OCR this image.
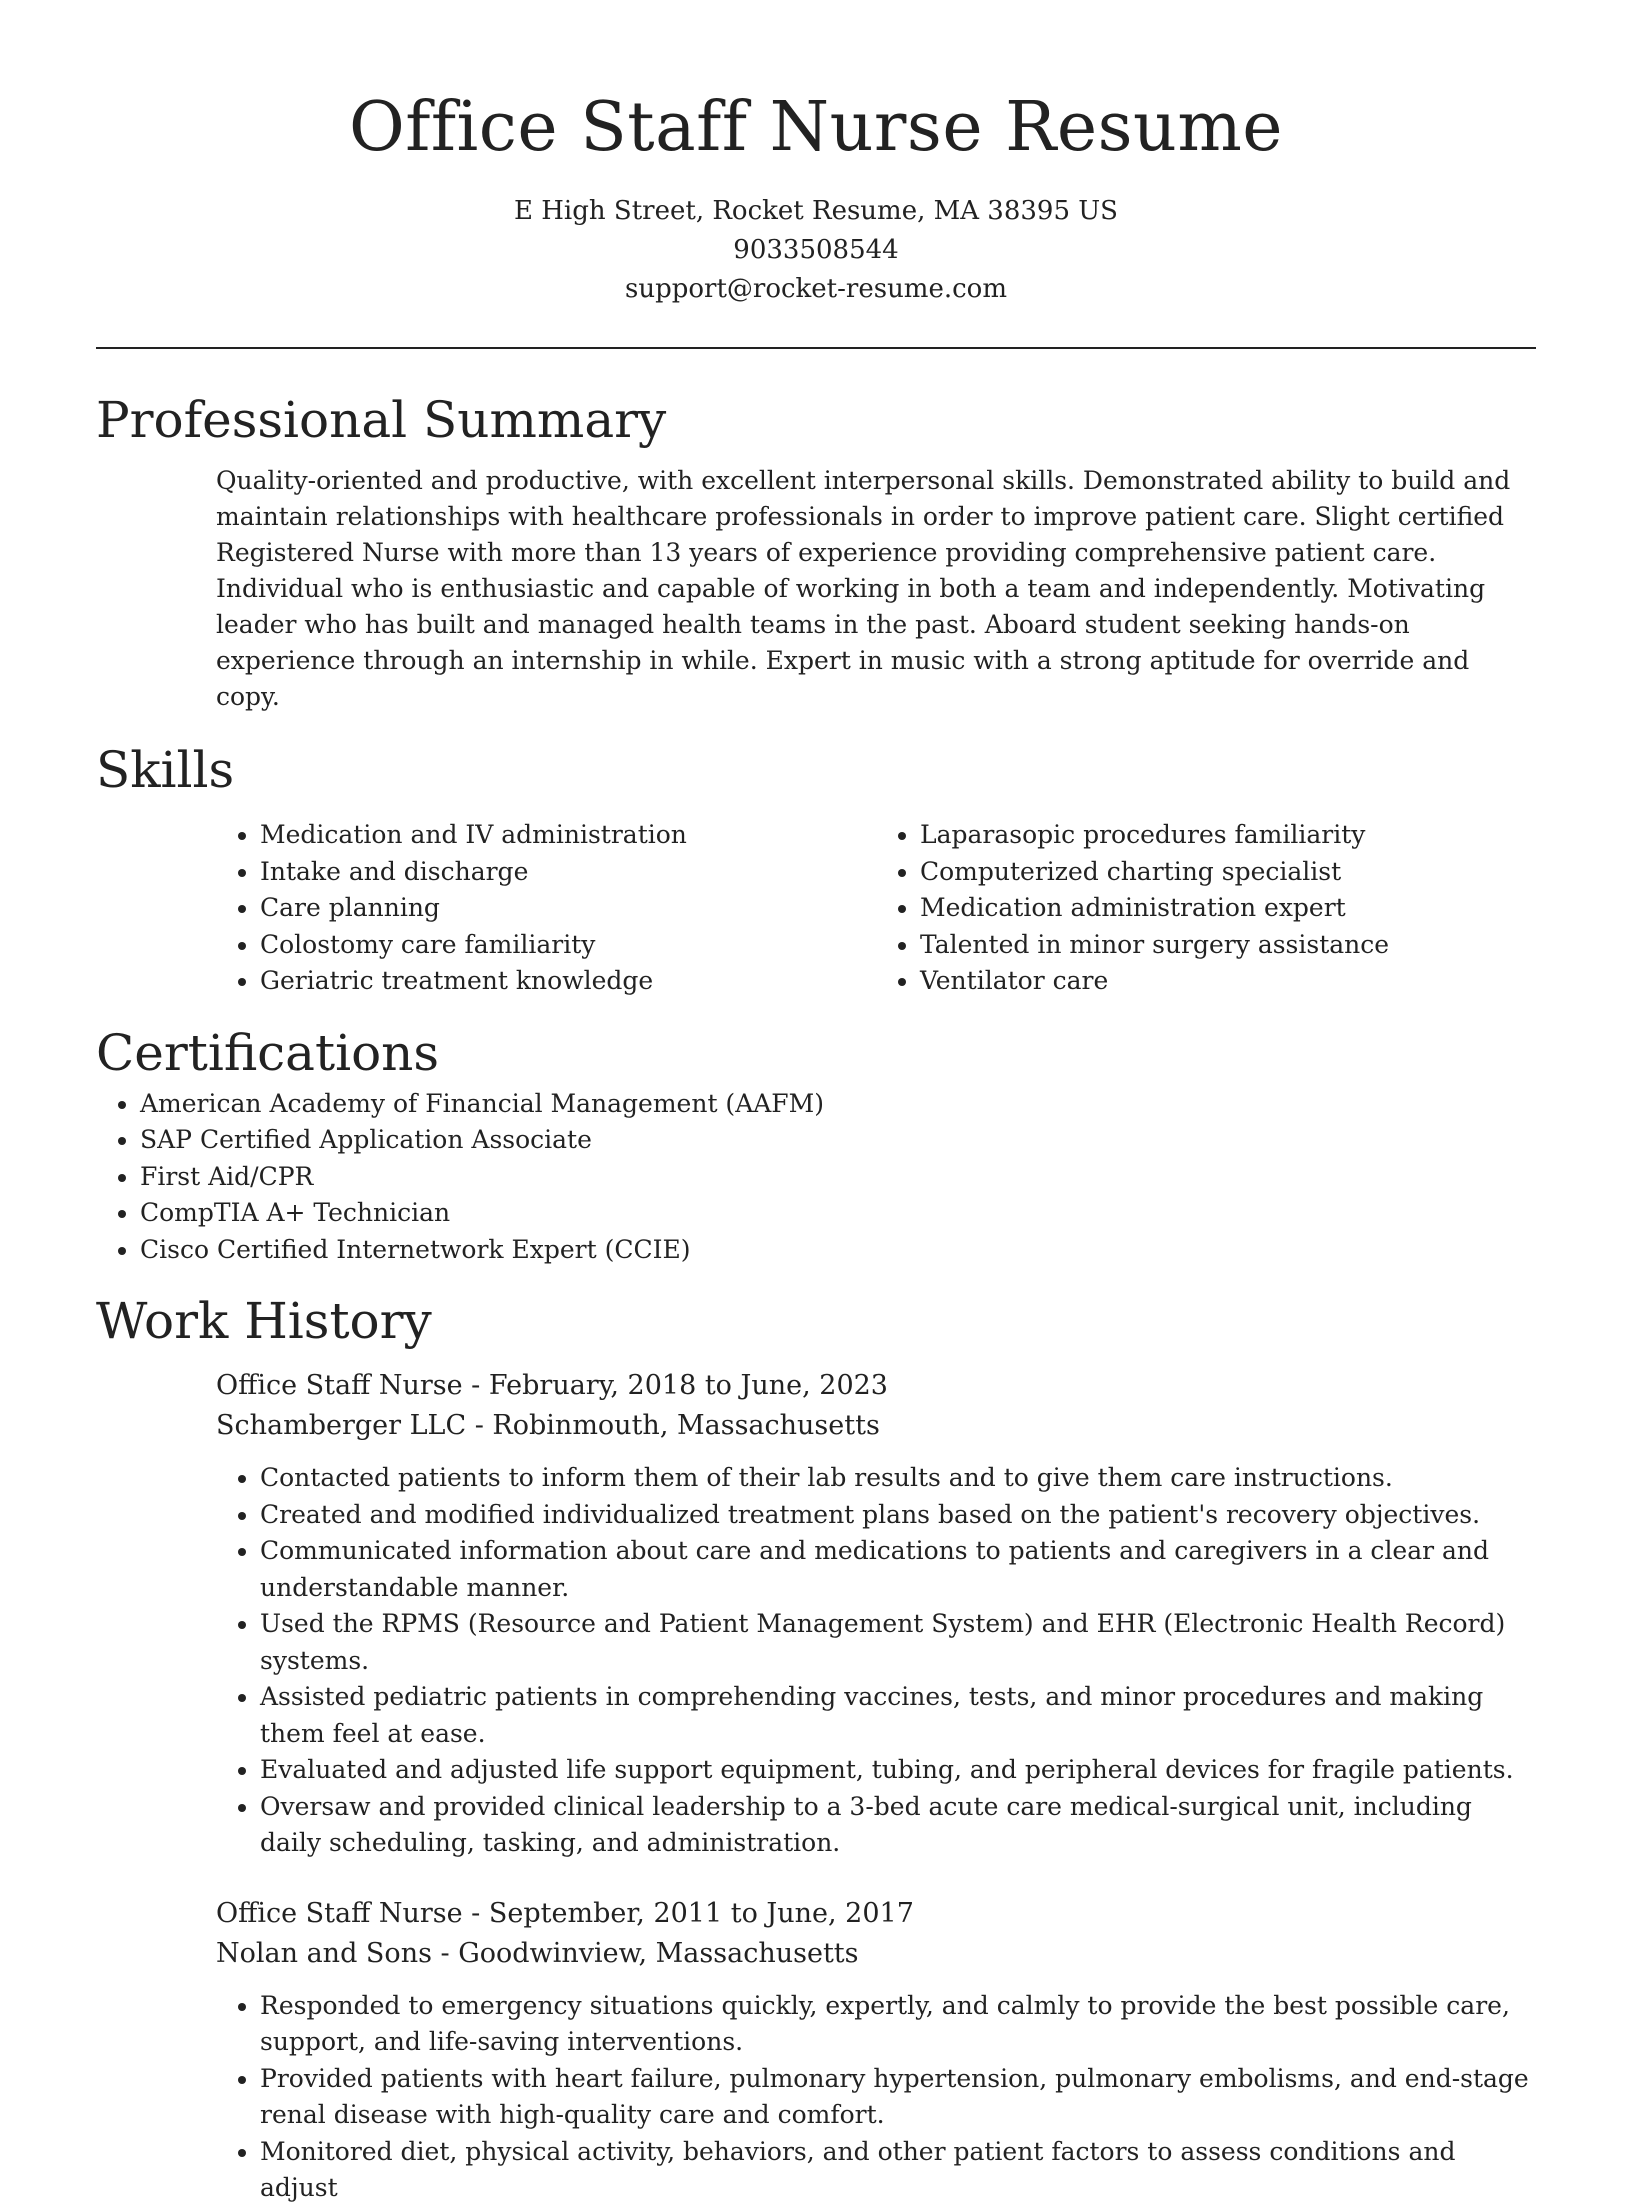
Office Staff Nurse Resume

E High Street, Rocket Resume, MA 38395 US

9033508544

support@rocket-resume.com

Professional Summary

Quality-oriented and productive, with excellent interpersonal skills. Demonstrated ability to build and maintain relationships with healthcare professionals in order to improve patient care. Slight certified Registered Nurse with more than 13 years of experience providing comprehensive patient care. Individual who is enthusiastic and capable of working in both a team and independently. Motivating leader who has built and managed health teams in the past. Aboard student seeking hands-on experience through an internship in while. Expert in music with a strong aptitude for override and copy.

Skills
• Medication and IV administration
• Intake and discharge
• Care planning
• Colostomy care familiarity
• Geriatric treatment knowledge
• Laparasopic procedures familiarity
• Computerized charting specialist
• Medication administration expert
• Talented in minor surgery assistance
• Ventilator care
Certifications
• American Academy of Financial Management (AAFM)
• SAP Certified Application Associate
• First Aid/CPR
• CompTIA A+ Technician
• Cisco Certified Internetwork Expert (CCIE)
Work History

Office Staff Nurse - February, 2018 to June, 2023

Schamberger LLC - Robinmouth, Massachusetts

• Contacted patients to inform them of their lab results and to give them care instructions.
• Created and modified individualized treatment plans based on the patient's recovery objectives.
• Communicated information about care and medications to patients and caregivers in a clear and understandable manner.
• Used the RPMS (Resource and Patient Management System) and EHR (Electronic Health Record) systems.
• Assisted pediatric patients in comprehending vaccines, tests, and minor procedures and making them feel at ease.
• Evaluated and adjusted life support equipment, tubing, and peripheral devices for fragile patients.
• Oversaw and provided clinical leadership to a 3-bed acute care medical-surgical unit, including daily scheduling, tasking, and administration.

Office Staff Nurse - September, 2011 to June, 2017

Nolan and Sons - Goodwinview, Massachusetts

• Responded to emergency situations quickly, expertly, and calmly to provide the best possible care, support, and life-saving interventions.
• Provided patients with heart failure, pulmonary hypertension, pulmonary embolisms, and end-stage renal disease with high-quality care and comfort.
• Monitored diet, physical activity, behaviors, and other patient factors to assess conditions and adjust
